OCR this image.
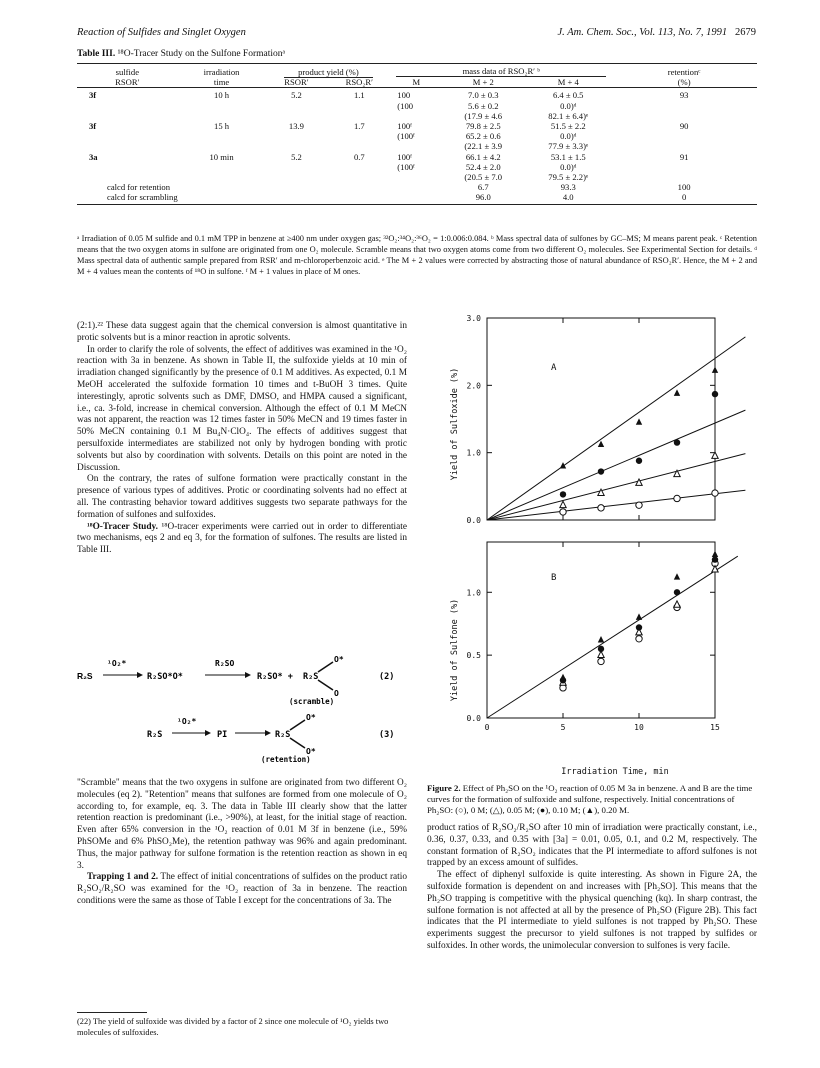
Reaction of Sulfides and Singlet Oxygen	J. Am. Chem. Soc., Vol. 113, No. 7, 1991 2679
Table III. ¹⁸O-Tracer Study on the Sulfone Formationᵃ
sulfide	irradiation	product yield (%)		mass data of RSO₂R′ ᵇ			retentionᶜ
RSOR′	time	RSOR′	RSO₂R′	M	M + 2	M + 4	(%)

3f	10 h	5.2	1.1	100	7.0 ± 0.3	6.4 ± 0.5	93
				(100	5.6 ± 0.2	0.0)ᵈ	
					(17.9 ± 4.6	82.1 ± 6.4)ᵉ	
3f	15 h	13.9	1.7	100ᶠ	79.8 ± 2.5	51.5 ± 2.2	90
				(100ᶠ	65.2 ± 0.6	0.0)ᵈ	
					(22.1 ± 3.9	77.9 ± 3.3)ᵉ	
3a	10 min	5.2	0.7	100ᶠ	66.1 ± 4.2	53.1 ± 1.5	91
				(100ᶠ	52.4 ± 2.0	0.0)ᵈ	
					(20.5 ± 7.0	79.5 ± 2.2)ᵉ	
calcd for retention					6.7	93.3	100
calcd for scrambling					96.0	4.0	0

ᵃ Irradiation of 0.05 M sulfide and 0.1 mM TPP in benzene at ≥400 nm under oxygen gas; ³²O₂:³⁴O₂:³⁶O₂ = 1:0.006:0.084. ᵇ Mass spectral data of sulfones by GC–MS; M means parent peak. ᶜ Retention means that the two oxygen atoms in sulfone are originated from one O₂ molecule. Scramble means that two oxygen atoms come from two different O₂ molecules. See Experimental Section for details. ᵈ Mass spectral data of authentic sample prepared from RSR′ and m-chloroperbenzoic acid. ᵉ The M + 2 values were corrected by abstracting those of natural abundance of RSO₂R′. Hence, the M + 2 and M + 4 values mean the contents of ¹⁸O in sulfone. ᶠ M + 1 values in place of M ones.

(2:1).²² These data suggest again that the chemical conversion is almost quantitative in protic solvents but is a minor reaction in aprotic solvents.

In order to clarify the role of solvents, the effect of additives was examined in the ¹O₂ reaction with 3a in benzene. As shown in Table II, the sulfoxide yields at 10 min of irradiation changed significantly by the presence of 0.1 M additives. As expected, 0.1 M MeOH accelerated the sulfoxide formation 10 times and t-BuOH 3 times. Quite interestingly, aprotic solvents such as DMF, DMSO, and HMPA caused a significant, i.e., ca. 3-fold, increase in chemical conversion. Although the effect of 0.1 M MeCN was not apparent, the reaction was 12 times faster in 50% MeCN and 19 times faster in 50% MeCN containing 0.1 M Bu₄N·ClO₄. The effects of additives suggest that persulfoxide intermediates are stabilized not only by hydrogen bonding with protic solvents but also by coordination with solvents. Details on this point are noted in the Discussion.

On the contrary, the rates of sulfone formation were practically constant in the presence of various types of additives. Protic or coordinating solvents had no effect at all. The contrasting behavior toward additives suggests two separate pathways for the formation of sulfones and sulfoxides.

¹⁸O-Tracer Study. ¹⁸O-tracer experiments were carried out in order to differentiate two mechanisms, eqs 2 and eq 3, for the formation of sulfones. The results are listed in Table III.

R₂S
¹O₂*
R₂SO*O*
R₂SO
R₂SO* + R₂S
O*
O
(scramble)
(2)
R₂S
¹O₂*
PI	R₂S
O*
O*
(retention)
(3)

"Scramble" means that the two oxygens in sulfone are originated from two different O₂ molecules (eq 2). "Retention" means that sulfones are formed from one molecule of O₂ according to, for example, eq. 3. The data in Table III clearly show that the latter retention reaction is predominant (i.e., >90%), at least, for the initial stage of reaction. Even after 65% conversion in the ¹O₂ reaction of 0.01 M 3f in benzene (i.e., 59% PhSOMe and 6% PhSO₂Me), the retention pathway was 96% and again predominant. Thus, the major pathway for sulfone formation is the retention reaction as shown in eq 3.

Trapping 1 and 2. The effect of initial concentrations of sulfides on the product ratio R₂SO₂/R₂SO was examined for the ¹O₂ reaction of 3a in benzene. The reaction conditions were the same as those of Table I except for the concentrations of 3a. The

(22) The yield of sulfoxide was divided by a factor of 2 since one molecule of ¹O₂ yields two molecules of sulfoxides.
0.0
1.0
2.0
3.0
0.0
0.5
1.0
0	5	10	15
Yield of Sulfoxide (%)
Yield of Sulfone (%)
Irradiation Time, min
A
B
Figure 2. Effect of Ph₂SO on the ¹O₂ reaction of 0.05 M 3a in benzene. A and B are the time curves for the formation of sulfoxide and sulfone, respectively. Initial concentrations of Ph₂SO: (○), 0 M; (△), 0.05 M; (●), 0.10 M; (▲), 0.20 M.

product ratios of R₂SO₂/R₂SO after 10 min of irradiation were practically constant, i.e., 0.36, 0.37, 0.33, and 0.35 with [3a] = 0.01, 0.05, 0.1, and 0.2 M, respectively. The constant formation of R₂SO₂ indicates that the PI intermediate to afford sulfones is not trapped by an excess amount of sulfides.

The effect of diphenyl sulfoxide is quite interesting. As shown in Figure 2A, the sulfoxide formation is dependent on and increases with [Ph₂SO]. This means that the Ph₂SO trapping is competitive with the physical quenching (kq). In sharp contrast, the sulfone formation is not affected at all by the presence of Ph₂SO (Figure 2B). This fact indicates that the PI intermediate to yield sulfones is not trapped by Ph₂SO. These experiments suggest the precursor to yield sulfones is not trapped by sulfides or sulfoxides. In other words, the unimolecular conversion to sulfones is very facile.
